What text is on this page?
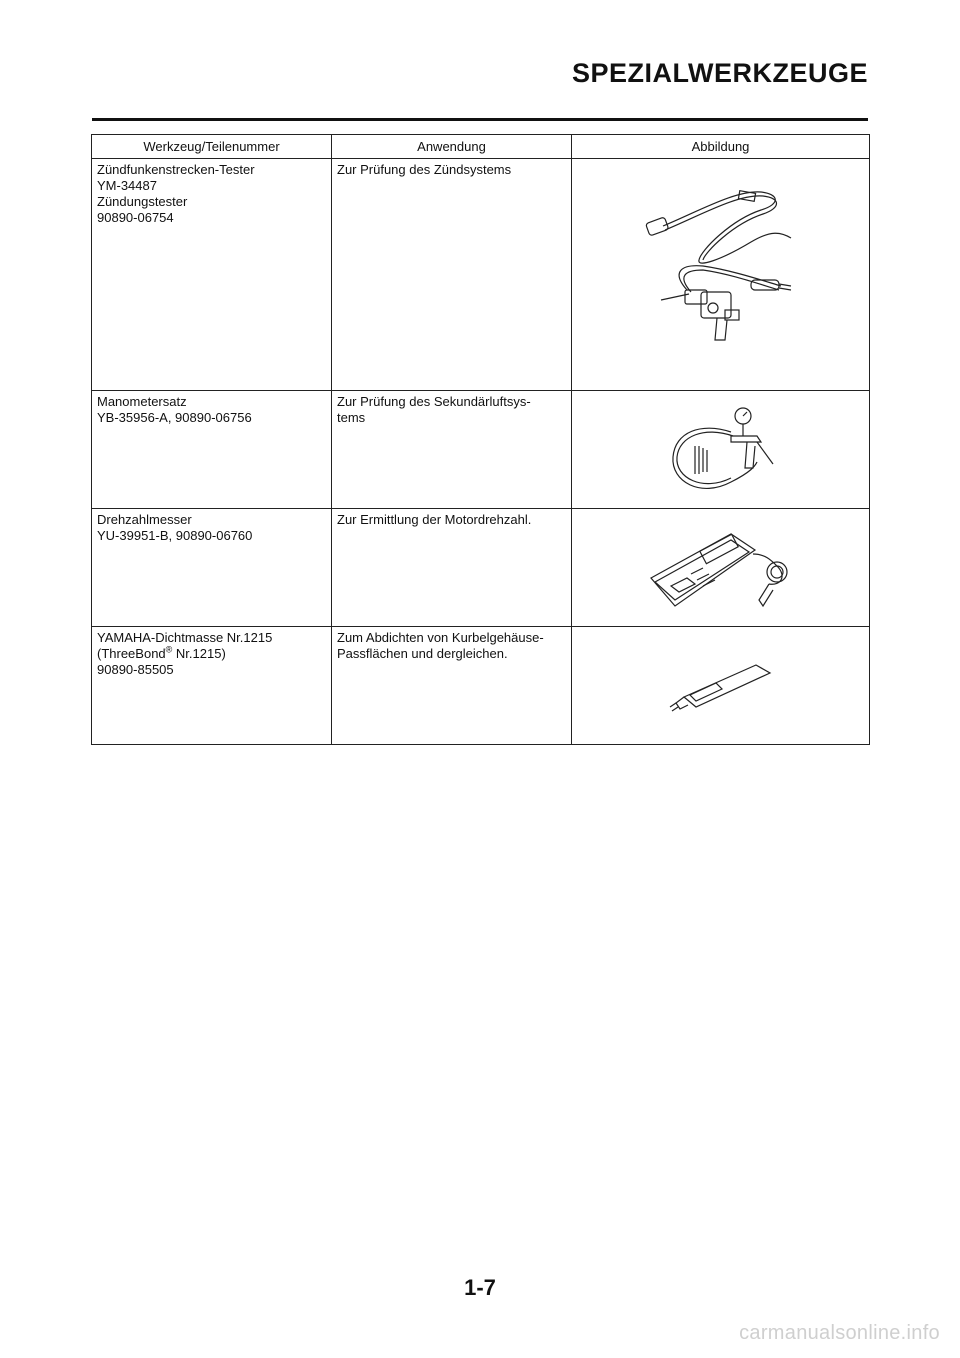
SPEZIALWERKZEUGE
Werkzeug/Teilenummer	Anwendung	Abbildung

Zündfunkenstrecken-Tester
YM-34487
Zündungstester
90890-06754	Zur Prüfung des Zündsystems

Manometersatz
YB-35956-A, 90890-06756	Zur Prüfung des Sekundärluftsys-
tems

Drehzahlmesser
YU-39951-B, 90890-06760	Zur Ermittlung der Motordrehzahl.

YAMAHA-Dichtmasse Nr.1215
(ThreeBond® Nr.1215)
90890-85505	Zum Abdichten von Kurbelgehäuse-
Passflächen und dergleichen.

1-7
carmanualsonline.info
